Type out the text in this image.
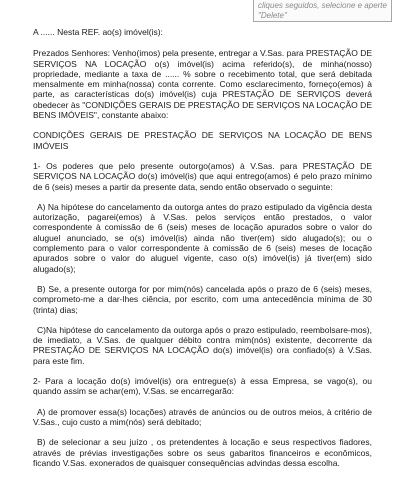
cliques seguidos, selecione e aperte "Delete"

A ...... Nesta REF. ao(s) imóvel(is):

Prezados Senhores: Venho(imos) pela presente, entregar a V.Sas. para PRESTAÇÃO DE SERVIÇOS NA LOCAÇÃO o(s) imóvel(is) acima referido(s), de minha(nosso) propriedade, mediante a taxa de ...... % sobre o recebimento total, que será debitada mensalmente em minha(nossa) conta corrente. Como esclarecimento, forneço(emos) à parte, as características do(s) imóvel(is) cuja PRESTAÇÃO DE SERVIÇOS deverá obedecer às "CONDIÇÕES GERAIS DE PRESTAÇÃO DE SERVIÇOS NA LOCAÇÃO DE BENS IMÓVEIS", constante abaixo:

CONDIÇÕES GERAIS DE PRESTAÇÃO DE SERVIÇOS NA LOCAÇÃO DE BENS IMÓVEIS

1- Os poderes que pelo presente outorgo(amos) à V.Sas. para PRESTAÇÃO DE SERVIÇOS NA LOCAÇÃO do(s) imóvel(is) que aqui entrego(amos) é pelo prazo mínimo de 6 (seis) meses a partir da presente data, sendo então observado o seguinte:

A) Na hipótese do cancelamento da outorga antes do prazo estipulado da vigência desta autorização, pagarei(emos) à V.Sas. pelos serviços então prestados, o valor correspondente à comissão de 6 (seis) meses de locação apurados sobre o valor do aluguel anunciado, se o(s) imóvel(is) ainda não tiver(em) sido alugado(s); ou o complemento para o valor correspondente à comissão de 6 (seis) meses de locação apurados sobre o valor do aluguel vigente, caso o(s) imóvel(is) já tiver(em) sido alugado(s);

B) Se, a presente outorga for por mim(nós) cancelada após o prazo de 6 (seis) meses, comprometo-me a dar-lhes ciência, por escrito, com uma antecedência mínima de 30 (trinta) dias;

C)Na hipótese do cancelamento da outorga após o prazo estipulado, reembolsare-mos), de imediato, a V.Sas. de qualquer débito contra mim(nós) existente, decorrente da PRESTAÇÃO DE SERVIÇOS NA LOCAÇÃO do(s) imóvel(is) ora confiado(s) à V.Sas. para este fim.

2- Para a locação do(s) imóvel(is) ora entregue(s) à essa Empresa, se vago(s), ou quando assim se achar(em), V.Sas. se encarregarão:

A) de promover essa(s) locações) através de anúncios ou de outros meios, à critério de V.Sas., cujo custo a mim(nós) será debitado;

B) de selecionar a seu juízo , os pretendentes à locação e seus respectivos fiadores, através de prévias investigações sobre os seus gabaritos financeiros e econômicos, ficando V.Sas. exonerados de quaisquer consequências advindas dessa escolha.
